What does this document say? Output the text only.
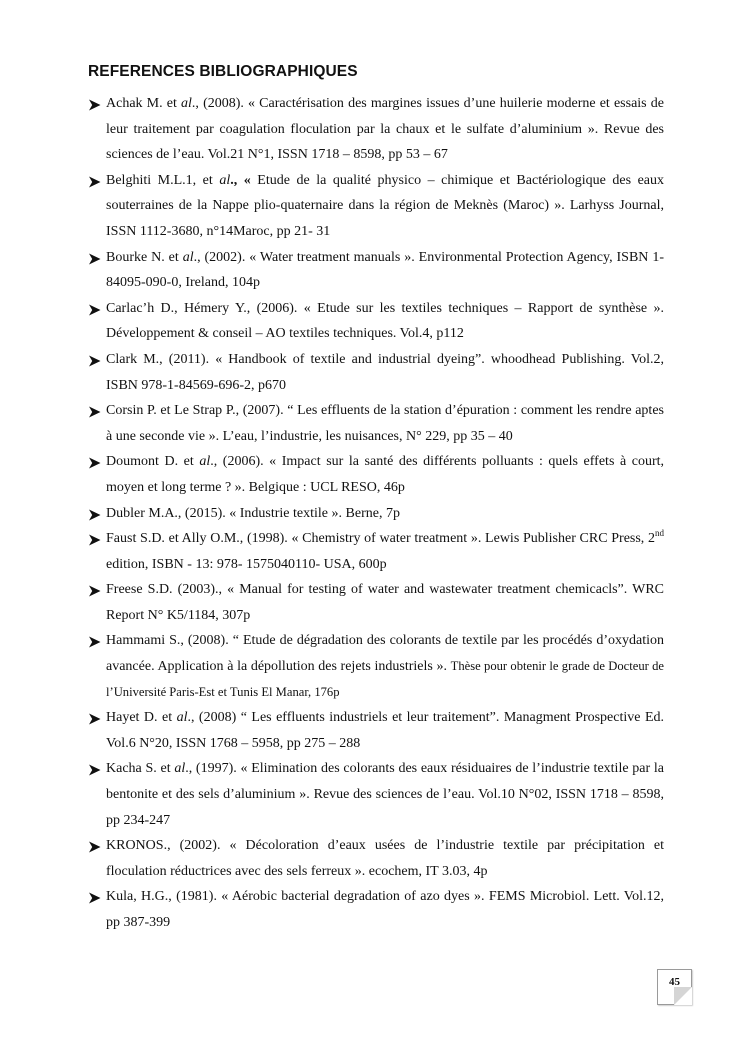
REFERENCES BIBLIOGRAPHIQUES
Achak M. et al., (2008). « Caractérisation des margines issues d’une huilerie moderne et essais de leur traitement par coagulation floculation par la chaux et le sulfate d’aluminium ». Revue des sciences de l’eau. Vol.21 N°1, ISSN 1718 – 8598, pp 53 – 67
Belghiti M.L.1, et al., « Etude de la qualité physico – chimique et Bactériologique des eaux souterraines de la Nappe plio-quaternaire dans la région de Meknès (Maroc) ». Larhyss Journal, ISSN 1112-3680, n°14Maroc, pp 21- 31
Bourke N. et al., (2002). « Water treatment manuals ». Environmental Protection Agency, ISBN 1-84095-090-0, Ireland, 104p
Carlac’h D., Hémery Y., (2006). « Etude sur les textiles techniques – Rapport de synthèse ». Développement & conseil – AO textiles techniques. Vol.4, p112
Clark M., (2011). « Handbook of textile and industrial dyeing”. whoodhead Publishing. Vol.2, ISBN 978-1-84569-696-2, p670
Corsin P. et Le Strap P., (2007). “ Les effluents de la station d’épuration : comment les rendre aptes à une seconde vie ». L’eau, l’industrie, les nuisances, N° 229, pp 35 – 40
Doumont D. et al., (2006). « Impact sur la santé des différents polluants : quels effets à court, moyen et long terme ? ». Belgique : UCL RESO, 46p
Dubler M.A., (2015). « Industrie textile ». Berne, 7p
Faust S.D. et Ally O.M., (1998). « Chemistry of water treatment ». Lewis Publisher CRC Press, 2nd edition, ISBN - 13: 978- 1575040110- USA, 600p
Freese S.D. (2003)., « Manual for testing of water and wastewater treatment chemicacls”. WRC Report N° K5/1184, 307p
Hammami S., (2008). “ Etude de dégradation des colorants de textile par les procédés d’oxydation avancée. Application à la dépollution des rejets industriels ». Thèse pour obtenir le grade de Docteur de l’Université Paris-Est et Tunis El Manar, 176p
Hayet D. et al., (2008) “ Les effluents industriels et leur traitement”. Managment Prospective Ed. Vol.6 N°20, ISSN 1768 – 5958, pp 275 – 288
Kacha S. et al., (1997). « Elimination des colorants des eaux résiduaires de l’industrie textile par la bentonite et des sels d’aluminium ». Revue des sciences de l’eau. Vol.10 N°02, ISSN 1718 – 8598, pp 234-247
KRONOS., (2002). « Décoloration d’eaux usées de l’industrie textile par précipitation et floculation réductrices avec des sels ferreux ». ecochem, IT 3.03, 4p
Kula, H.G., (1981). « Aérobic bacterial degradation of azo dyes ». FEMS Microbiol. Lett. Vol.12, pp 387-399
45
